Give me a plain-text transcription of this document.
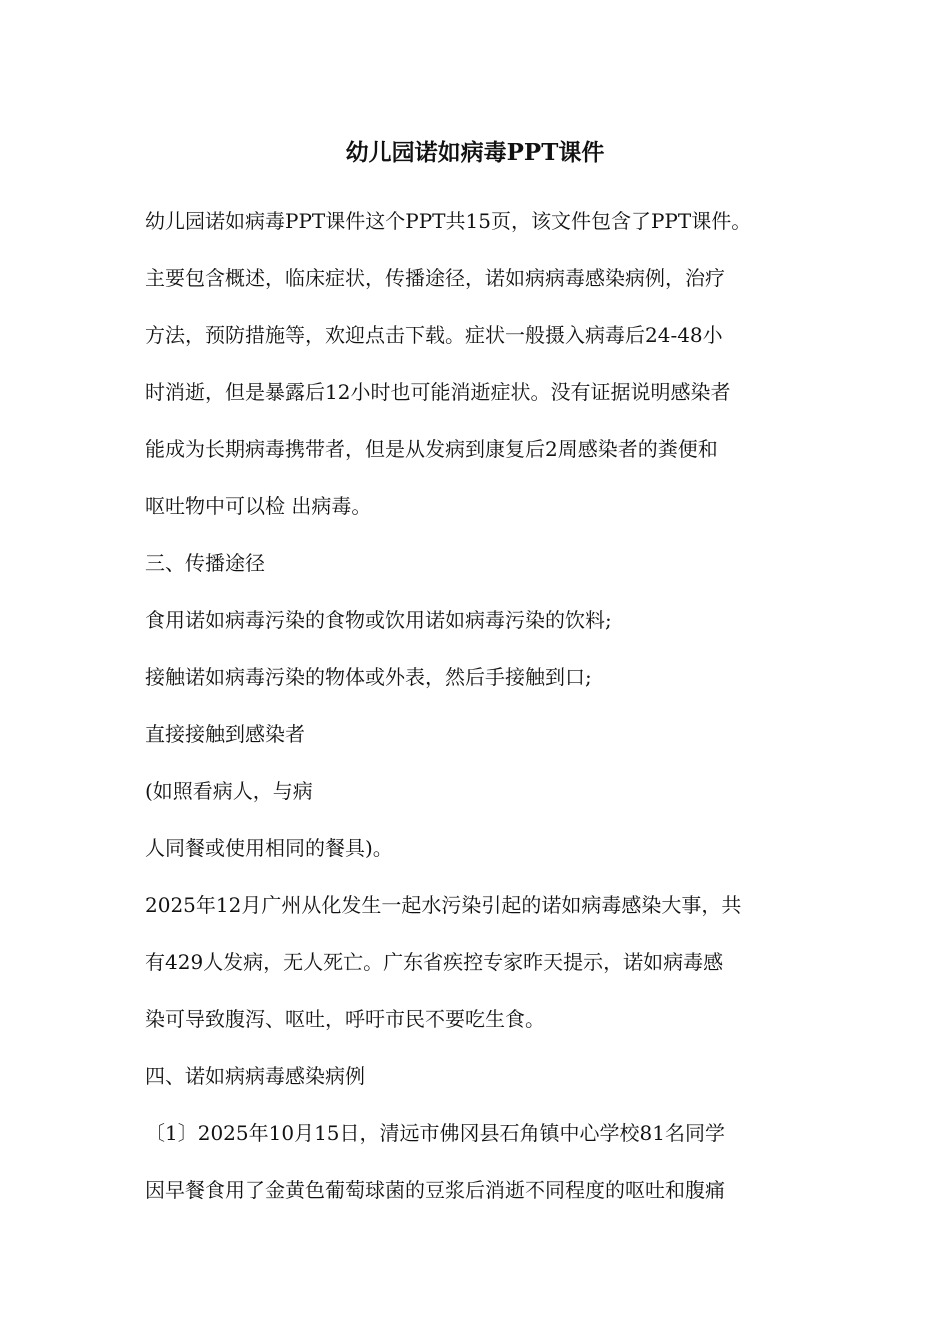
幼儿园诺如病毒PPT课件
幼儿园诺如病毒PPT课件这个PPT共15页，该文件包含了PPT课件。
主要包含概述，临床症状，传播途径，诺如病病毒感染病例，治疗
方法，预防措施等，欢迎点击下载。症状一般摄入病毒后24-48小
时消逝，但是暴露后12小时也可能消逝症状。没有证据说明感染者
能成为长期病毒携带者，但是从发病到康复后2周感染者的粪便和
呕吐物中可以检 出病毒。
三、传播途径
食用诺如病毒污染的食物或饮用诺如病毒污染的饮料;
接触诺如病毒污染的物体或外表，然后手接触到口;
直接接触到感染者
(如照看病人，与病
人同餐或使用相同的餐具)。
2025年12月广州从化发生一起水污染引起的诺如病毒感染大事，共
有429人发病，无人死亡。广东省疾控专家昨天提示，诺如病毒感
染可导致腹泻、呕吐，呼吁市民不要吃生食。
四、诺如病病毒感染病例
〔1〕2025年10月15日，清远市佛冈县石角镇中心学校81名同学
因早餐食用了金黄色葡萄球菌的豆浆后消逝不同程度的呕吐和腹痛
